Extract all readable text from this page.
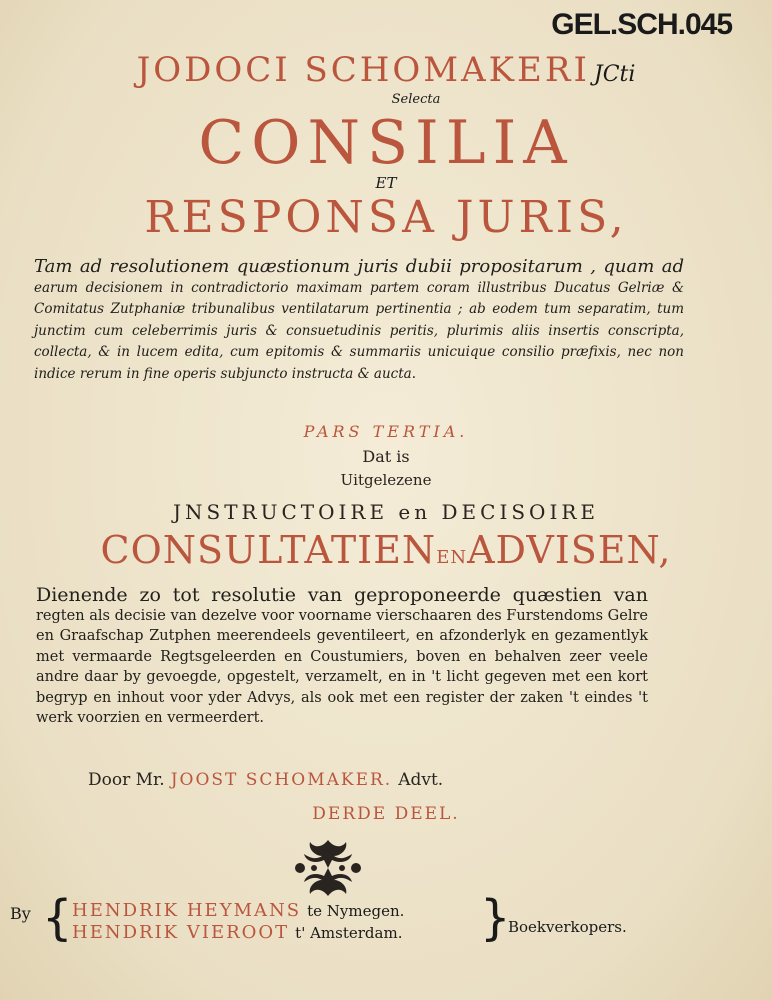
GEL.SCH.045
JODOCI SCHOMAKERI JCti
Selecta
CONSILIA
ET
RESPONSA JURIS,
Tam ad resolutionem quæstionum juris dubii propositarum , quam ad earum decisionem in contradictorio maximam partem coram illustribus Ducatus Gelriæ & Comitatus Zutphaniæ tribunalibus ventilatarum pertinentia ; ab eodem tum separatim, tum junctim cum celeberrimis juris & consuetudinis peritis, plurimis aliis insertis conscripta, collecta, & in lucem edita, cum epitomis & summariis unicuique consilio præfixis, nec non indice rerum in fine operis subjuncto instructa & aucta.
PARS TERTIA.
Dat is
Uitgelezene
JNSTRUCTOIRE en DECISOIRE
CONSULTATIENENADVISEN,
Dienende zo tot resolutie van geproponeerde quæstien van regten als decisie van dezelve voor voorname vierschaaren des Furstendoms Gelre en Graafschap Zutphen meerendeels geventileert, en afzonderlyk en gezamentlyk met vermaarde Regtsgeleerden en Coustumiers, boven en behalven zeer veele andre daar by gevoegde, opgestelt, verzamelt, en in 't licht gegeven met een kort begryp en inhout voor yder Advys, als ook met een register der zaken 't eindes 't werk voorzien en vermeerdert.
Door Mr. JOOST SCHOMAKER. Advt.
DERDE DEEL.
By { HENDRIK HEYMANS te Nymegen.
HENDRIK VIEROOT t' Amsterdam. }
Boekverkopers.
